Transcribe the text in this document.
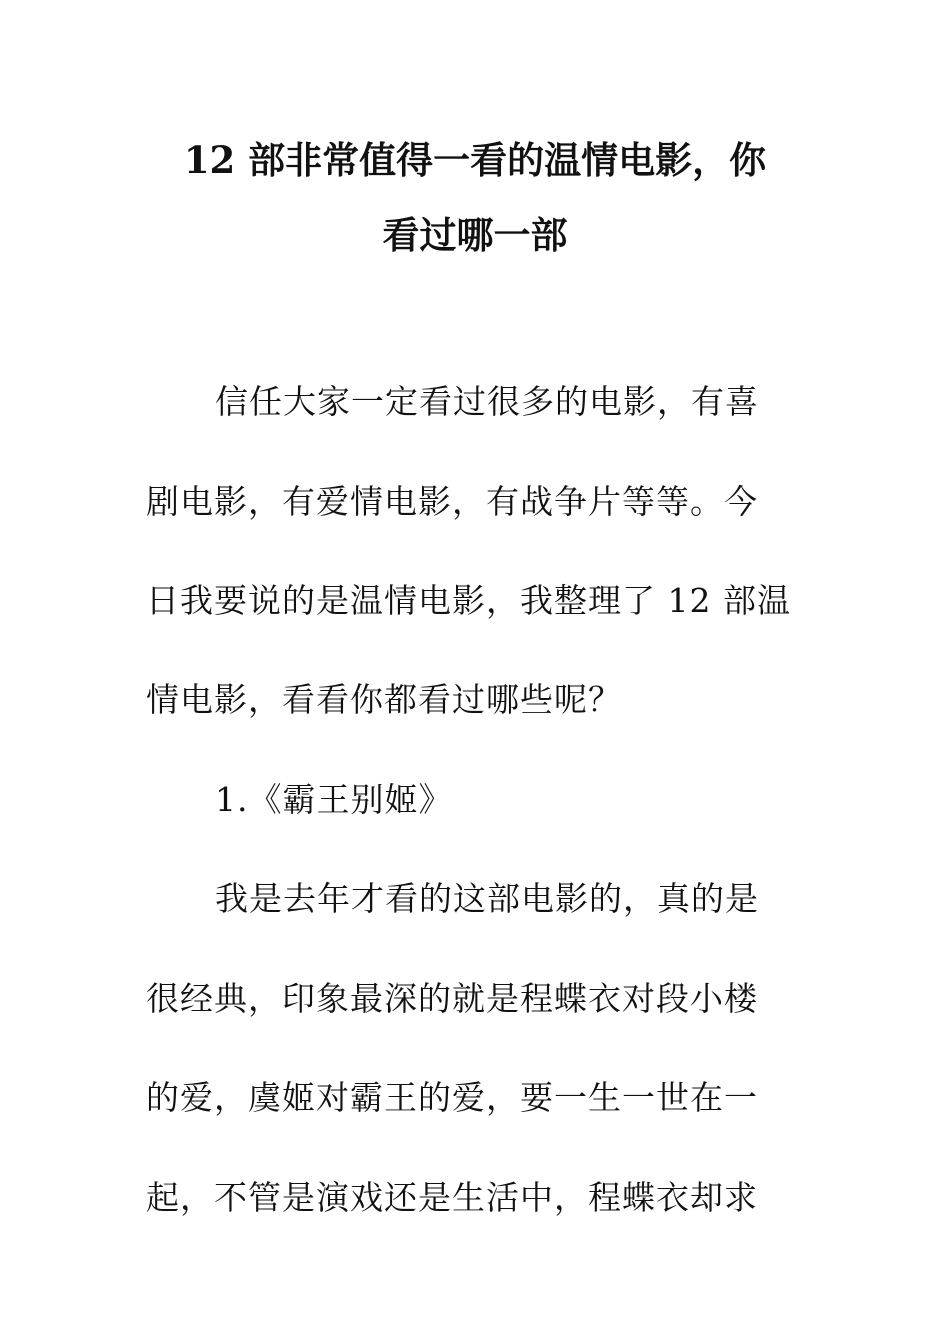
12 部非常值得一看的温情电影，你
看过哪一部
信任大家一定看过很多的电影，有喜
剧电影，有爱情电影，有战争片等等。今
日我要说的是温情电影，我整理了 12 部温
情电影，看看你都看过哪些呢？
1.《霸王别姬》
我是去年才看的这部电影的，真的是
很经典，印象最深的就是程蝶衣对段小楼
的爱，虞姬对霸王的爱，要一生一世在一
起，不管是演戏还是生活中，程蝶衣却求
